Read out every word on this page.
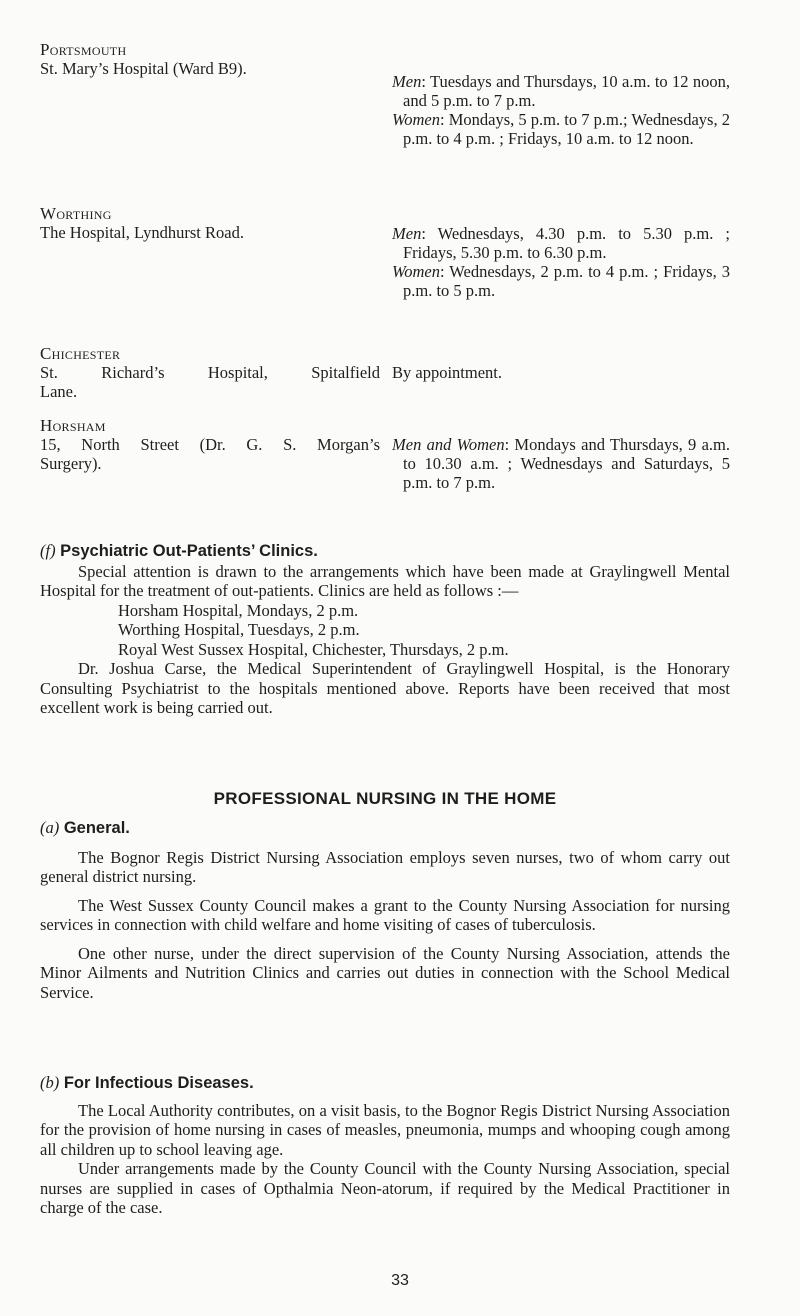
Portsmouth
St. Mary’s Hospital (Ward B9).
Men: Tuesdays and Thursdays, 10 a.m. to 12 noon, and 5 p.m. to 7 p.m.
Women: Mondays, 5 p.m. to 7 p.m.; Wednesdays, 2 p.m. to 4 p.m. ; Fridays, 10 a.m. to 12 noon.
Worthing
The Hospital, Lyndhurst Road.	Men: Wednesdays, 4.30 p.m. to 5.30 p.m. ; Fridays, 5.30 p.m. to 6.30 p.m.
Women: Wednesdays, 2 p.m. to 4 p.m. ; Fridays, 3 p.m. to 5 p.m.
Chichester
St. Richard’s Hospital, Spitalfield
Lane.
By appointment.
Horsham
15, North Street (Dr. G. S. Morgan’s
Surgery).
Men and Women: Mondays and Thursdays, 9 a.m. to 10.30 a.m. ; Wednesdays and Saturdays, 5 p.m. to 7 p.m.
(f) Psychiatric Out-Patients’ Clinics.

Special attention is drawn to the arrangements which have been made at Graylingwell Mental Hospital for the treatment of out-patients. Clinics are held as follows :—

Horsham Hospital, Mondays, 2 p.m.

Worthing Hospital, Tuesdays, 2 p.m.

Royal West Sussex Hospital, Chichester, Thursdays, 2 p.m.

Dr. Joshua Carse, the Medical Superintendent of Graylingwell Hospital, is the Honorary Consulting Psychiatrist to the hospitals mentioned above. Reports have been received that most excellent work is being carried out.

PROFESSIONAL NURSING IN THE HOME
(a) General.

The Bognor Regis District Nursing Association employs seven nurses, two of whom carry out general district nursing.

The West Sussex County Council makes a grant to the County Nursing Association for nursing services in connection with child welfare and home visiting of cases of tuberculosis.

One other nurse, under the direct supervision of the County Nursing Association, attends the Minor Ailments and Nutrition Clinics and carries out duties in connection with the School Medical Service.

(b) For Infectious Diseases.

The Local Authority contributes, on a visit basis, to the Bognor Regis District Nursing Association for the provision of home nursing in cases of measles, pneumonia, mumps and whooping cough among all children up to school leaving age.

Under arrangements made by the County Council with the County Nursing Association, special nurses are supplied in cases of Opthalmia Neon-atorum, if required by the Medical Practitioner in charge of the case.

33
